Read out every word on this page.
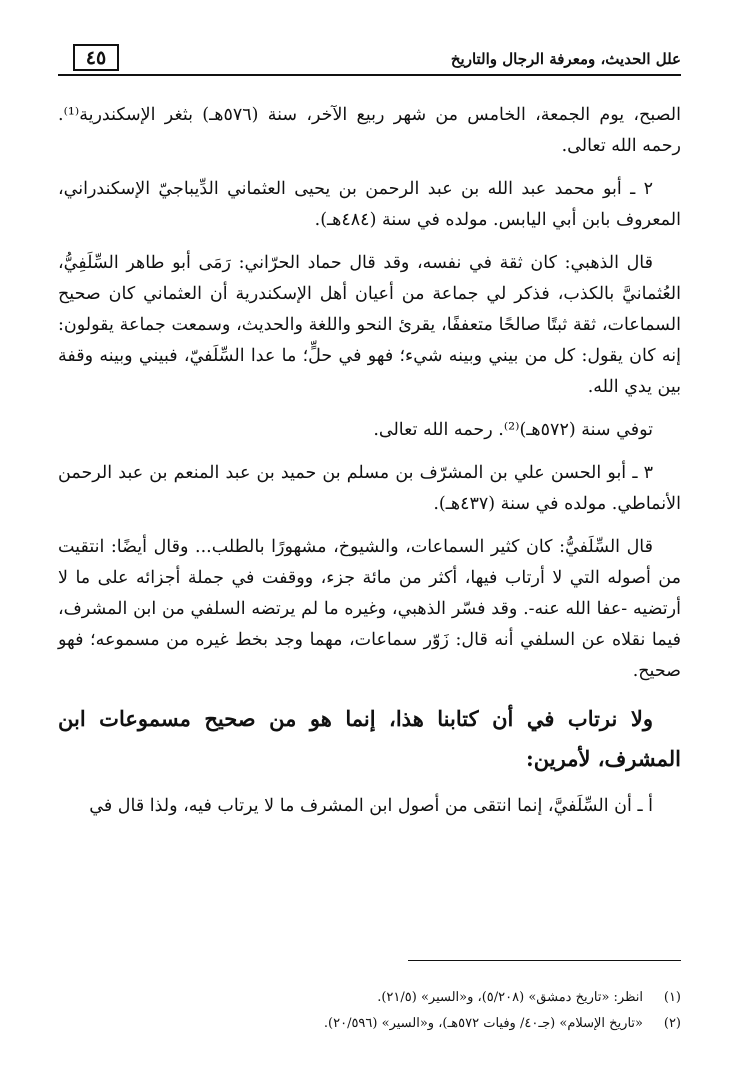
٤٥	علل الحديث، ومعرفة الرجال والتاريخ

الصبح، يوم الجمعة، الخامس من شهر ربيع الآخر، سنة (٥٧٦هـ) بثغر الإسكندرية⁽¹⁾. رحمه الله تعالى.

٢ ـ أبو محمد عبد الله بن عبد الرحمن بن يحيى العثماني الدِّيباجيّ الإسكندراني، المعروف بابن أبي اليابس. مولده في سنة (٤٨٤هـ).

قال الذهبي: كان ثقة في نفسه، وقد قال حماد الحرّاني: رَمَى أبو طاهر السِّلَفِيُّ، العُثمانيَّ بالكذب، فذكر لي جماعة من أعيان أهل الإسكندرية أن العثماني كان صحيح السماعات، ثقة ثبتًا صالحًا متعففًا، يقرئ النحو واللغة والحديث، وسمعت جماعة يقولون: إنه كان يقول: كل من بيني وبينه شيء؛ فهو في حلٍّ؛ ما عدا السِّلَفيّ، فبيني وبينه وقفة بين يدي الله.

توفي سنة (٥٧٢هـ)⁽²⁾. رحمه الله تعالى.

٣ ـ أبو الحسن علي بن المشرّف بن مسلم بن حميد بن عبد المنعم بن عبد الرحمن الأنماطي. مولده في سنة (٤٣٧هـ).

قال السِّلَفيُّ: كان كثير السماعات، والشيوخ، مشهورًا بالطلب... وقال أيضًا: انتقيت من أصوله التي لا أرتاب فيها، أكثر من مائة جزء، ووقفت في جملة أجزائه على ما لا أرتضيه -عفا الله عنه-. وقد فسّر الذهبي، وغيره ما لم يرتضه السلفي من ابن المشرف، فيما نقلاه عن السلفي أنه قال: زَوّر سماعات، مهما وجد بخط غيره من مسموعه؛ فهو صحيح.

ولا نرتاب في أن كتابنا هذا، إنما هو من صحيح مسموعات ابن المشرف، لأمرين:

أ ـ أن السِّلَفيَّ، إنما انتقى من أصول ابن المشرف ما لا يرتاب فيه، ولذا قال في

(١)
انظر: «تاريخ دمشق» (٥/٢٠٨)، و«السير» (٢١/٥).
(٢)
«تاريخ الإسلام» (جـ٤٠/ وفيات ٥٧٢هـ)، و«السير» (٢٠/٥٩٦).
